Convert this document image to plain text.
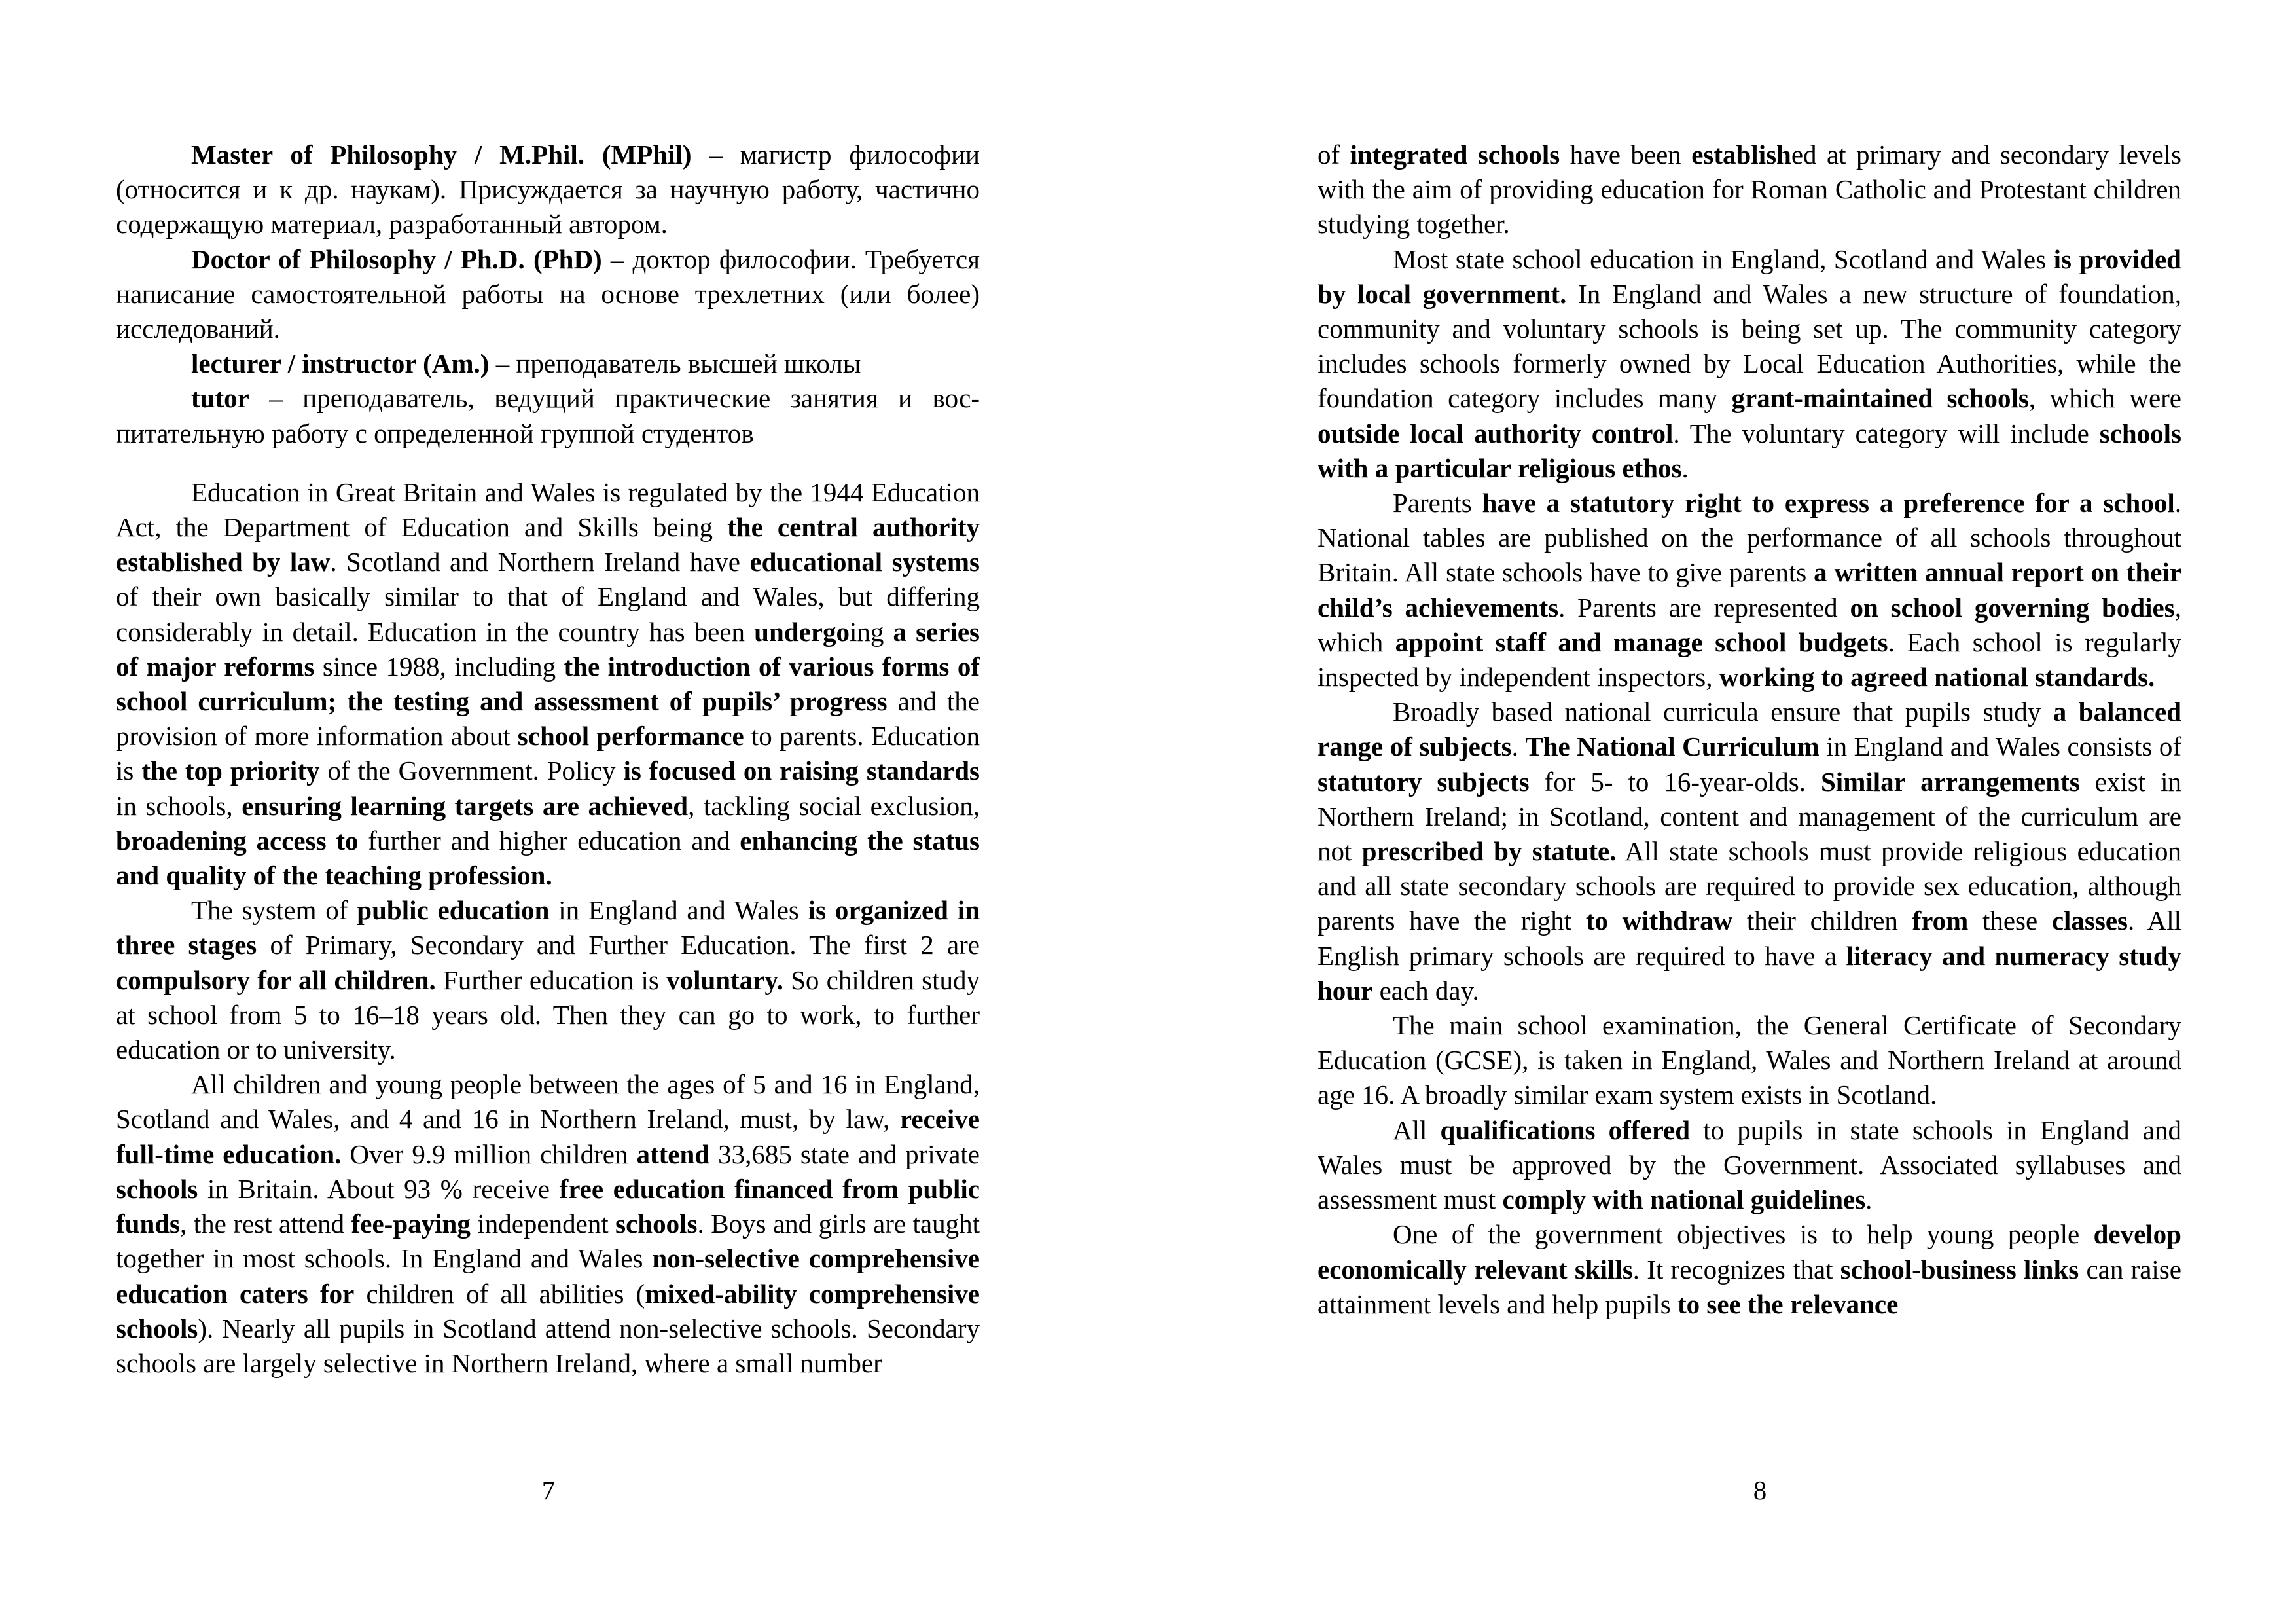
Master of Philosophy / M.Phil. (MPhil) – магистр философии (относится и к др. наукам). Присуждается за научную работу, частично содержащую материал, разработанный автором.

Doctor of Philosophy / Ph.D. (PhD) – доктор философии. Требуется написание самостоятельной работы на основе трехлетних (или более) исследований.

lecturer / instructor (Am.) – преподаватель высшей школы

tutor – преподаватель, ведущий практические занятия и воспитательную работу с определенной группой студентов

Education in Great Britain and Wales is regulated by the 1944 Education Act, the Department of Education and Skills being the central authority established by law. Scotland and Northern Ireland have educational systems of their own basically similar to that of England and Wales, but differing considerably in detail. Education in the country has been undergoing a series of major reforms since 1988, including the introduction of various forms of school curriculum; the testing and assessment of pupils’ progress and the provision of more information about school performance to parents. Education is the top priority of the Government. Policy is focused on raising standards in schools, ensuring learning targets are achieved, tackling social exclusion, broadening access to further and higher education and enhancing the status and quality of the teaching profession.

The system of public education in England and Wales is organized in three stages of Primary, Secondary and Further Education. The first 2 are compulsory for all children. Further education is voluntary. So children study at school from 5 to 16–18 years old. Then they can go to work, to further education or to university.

All children and young people between the ages of 5 and 16 in England, Scotland and Wales, and 4 and 16 in Northern Ireland, must, by law, receive full-time education. Over 9.9 million children attend 33,685 state and private schools in Britain. About 93 % receive free education financed from public funds, the rest attend fee-paying independent schools. Boys and girls are taught together in most schools. In England and Wales non-selective comprehensive education caters for children of all abilities (mixed-ability comprehensive schools). Nearly all pupils in Scotland attend non-selective schools. Secondary schools are largely selective in Northern Ireland, where a small number

7

of integrated schools have been established at primary and secondary levels with the aim of providing education for Roman Catholic and Protestant children studying together.

Most state school education in England, Scotland and Wales is provided by local government. In England and Wales a new structure of foundation, community and voluntary schools is being set up. The community category includes schools formerly owned by Local Education Authorities, while the foundation category includes many grant-maintained schools, which were outside local authority control. The voluntary category will include schools with a particular religious ethos.

Parents have a statutory right to express a preference for a school. National tables are published on the performance of all schools throughout Britain. All state schools have to give parents a written annual report on their child’s achievements. Parents are represented on school governing bodies, which appoint staff and manage school budgets. Each school is regularly inspected by independent inspectors, working to agreed national standards.

Broadly based national curricula ensure that pupils study a balanced range of subjects. The National Curriculum in England and Wales consists of statutory subjects for 5- to 16-year-olds. Similar arrangements exist in Northern Ireland; in Scotland, content and management of the curriculum are not prescribed by statute. All state schools must provide religious education and all state secondary schools are required to provide sex education, although parents have the right to withdraw their children from these classes. All English primary schools are required to have a literacy and numeracy study hour each day.

The main school examination, the General Certificate of Secondary Education (GCSE), is taken in England, Wales and Northern Ireland at around age 16. A broadly similar exam system exists in Scotland.

All qualifications offered to pupils in state schools in England and Wales must be approved by the Government. Associated syllabuses and assessment must comply with national guidelines.

One of the government objectives is to help young people develop economically relevant skills. It recognizes that school-business links can raise attainment levels and help pupils to see the relevance

8
